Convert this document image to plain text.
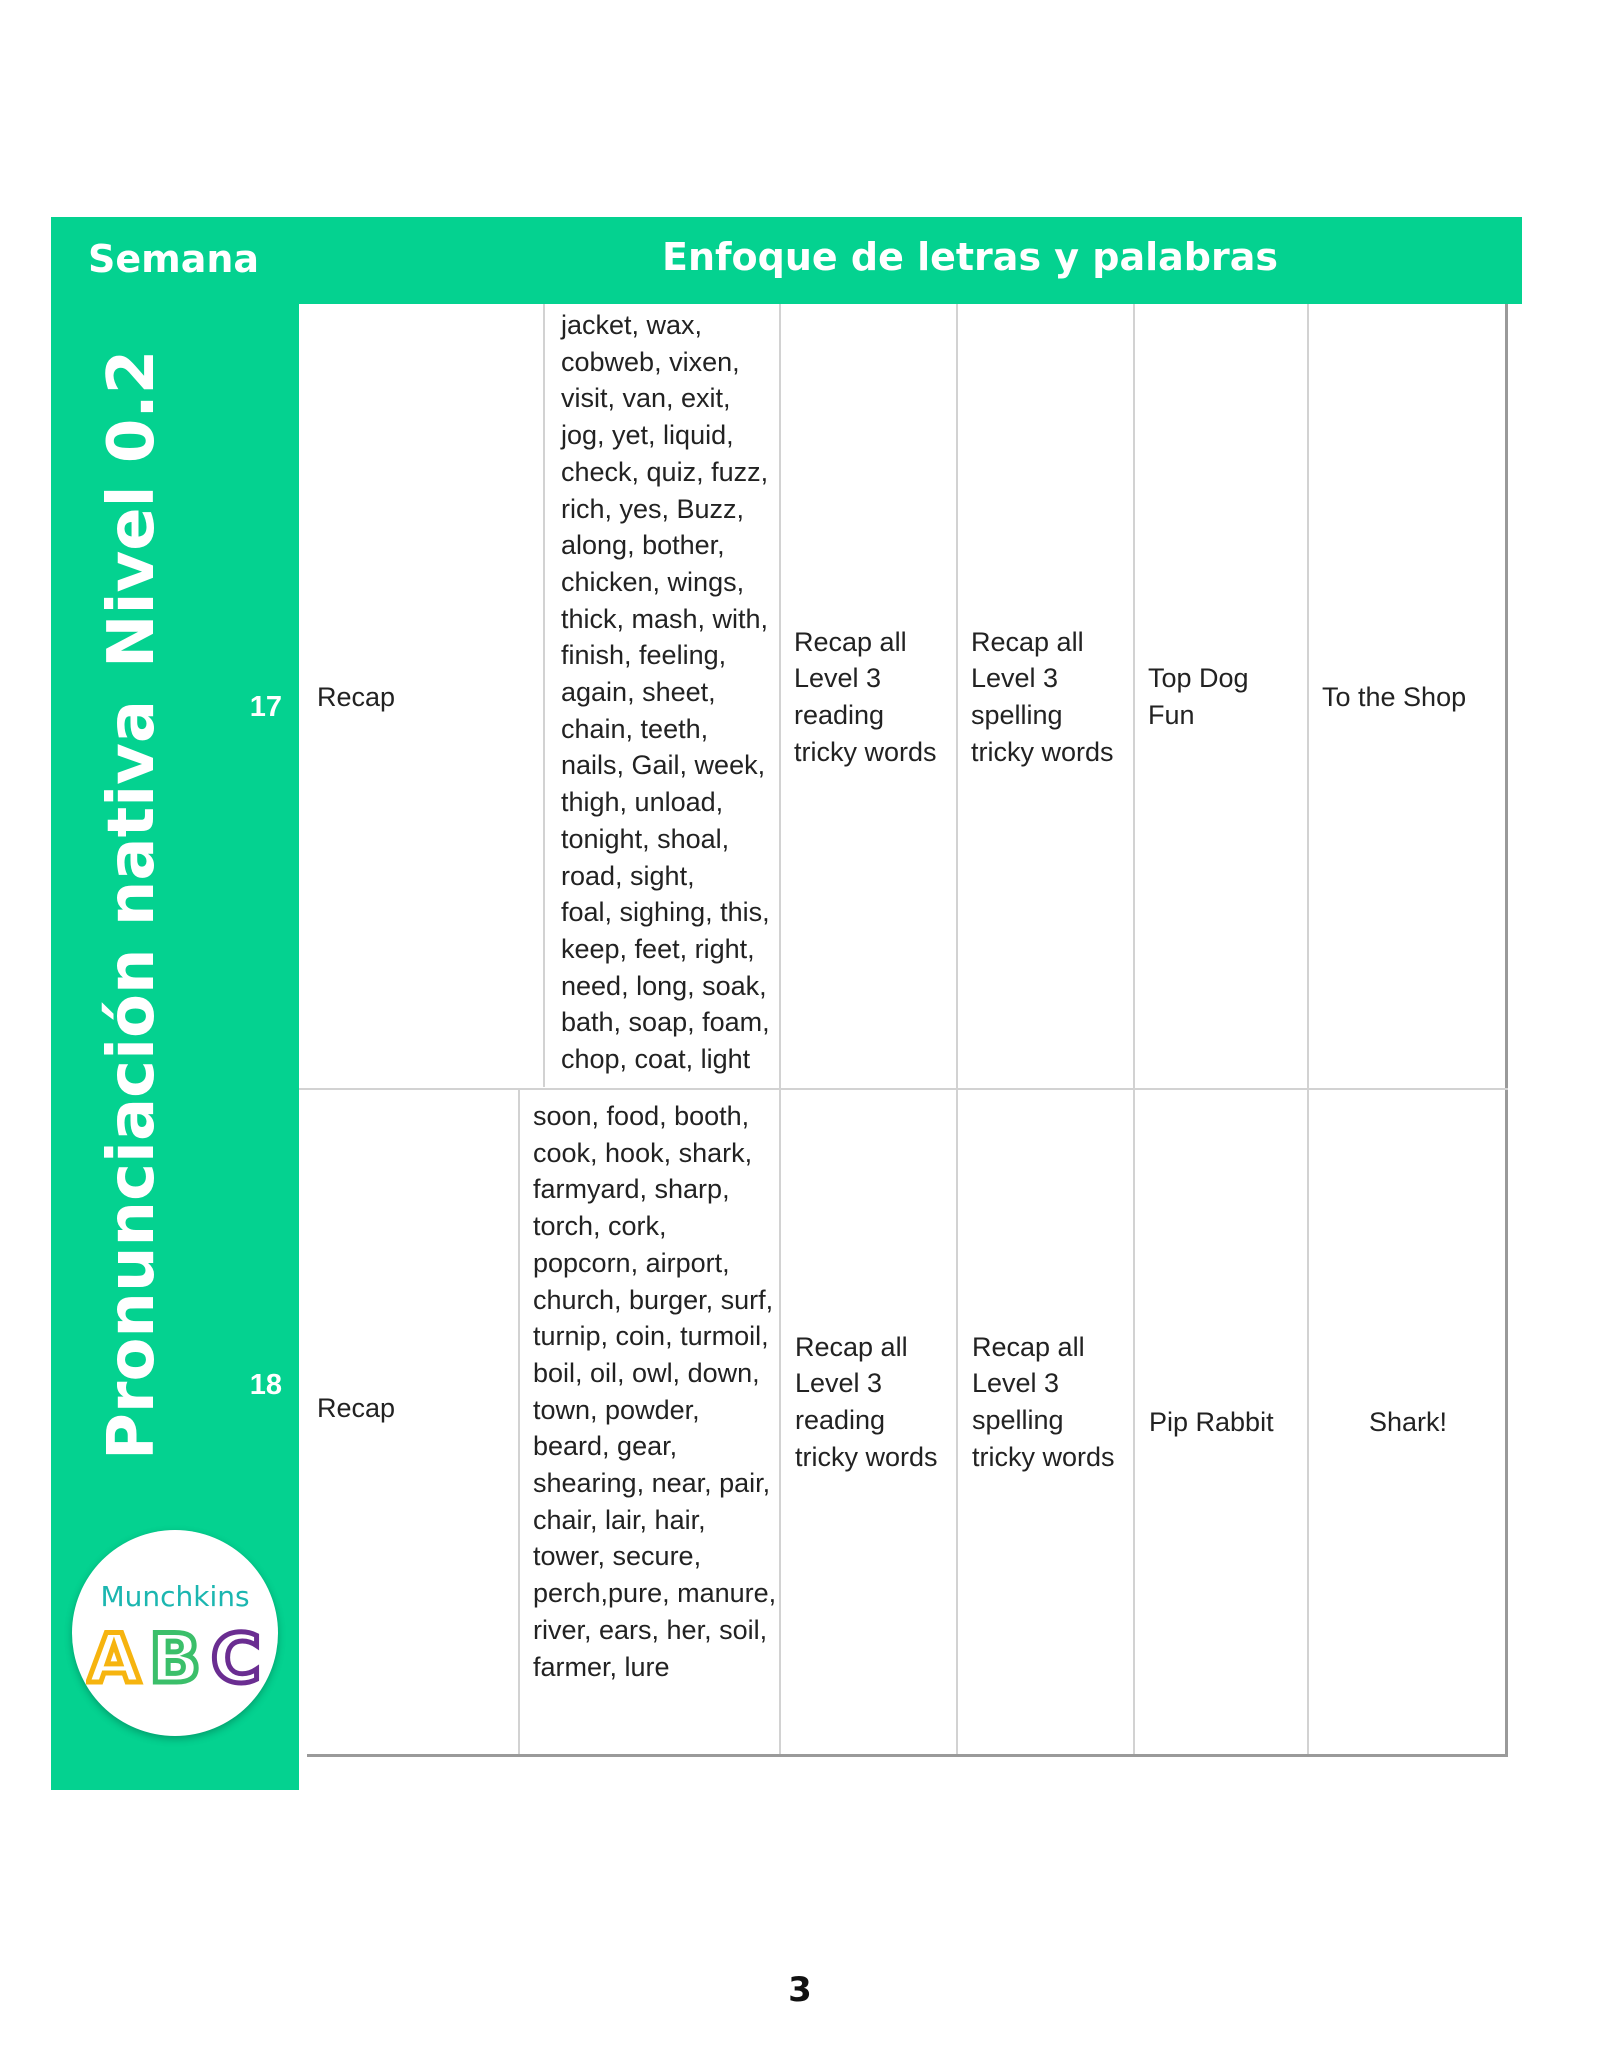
Semana	Enfoque de letras y palabras
Pronunciación nativaNivel 0.2
17
18
Munchkins
A B C
Recap
jacket, wax,
cobweb, vixen,
visit, van, exit,
jog, yet, liquid,
check, quiz, fuzz,
rich, yes, Buzz,
along, bother,
chicken, wings,
thick, mash, with,
finish, feeling,
again, sheet,
chain, teeth,
nails, Gail, week,
thigh, unload,
tonight, shoal,
road, sight,
foal, sighing, this,
keep, feet, right,
need, long, soak,
bath, soap, foam,
chop, coat, light
Recap all
Level 3
reading
tricky words
Recap all
Level 3
spelling
tricky words
Top Dog
Fun
To the Shop
Recap
soon, food, booth,
cook, hook, shark,
farmyard, sharp,
torch, cork,
popcorn, airport,
church, burger, surf,
turnip, coin, turmoil,
boil, oil, owl, down,
town, powder,
beard, gear,
shearing, near, pair,
chair, lair, hair,
tower, secure,
perch,pure, manure,
river, ears, her, soil,
farmer, lure
Recap all
Level 3
reading
tricky words
Recap all
Level 3
spelling
tricky words
Pip Rabbit	Shark!
3
